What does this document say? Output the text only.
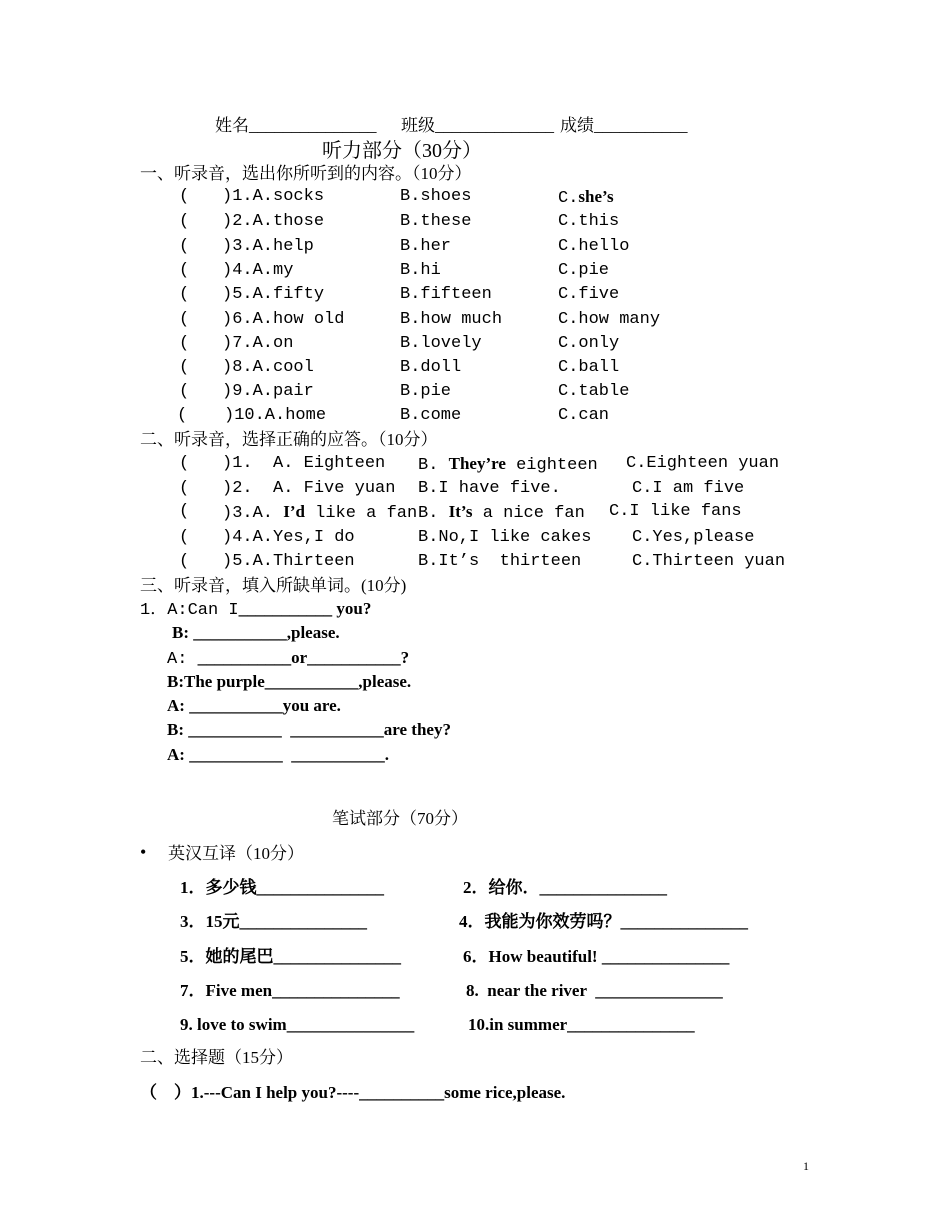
姓名_______________ 班级______________ 成绩___________
听力部分（30分）
一、听录音，选出你所听到的内容。（10分）
( )1.A.socks	B.shoes	C.she’s
( )2.A.those	B.these	C.this
( )3.A.help	B.her	C.hello
( )4.A.my	B.hi	C.pie
( )5.A.fifty	B.fifteen	C.five
( )6.A.how old	B.how much	C.how many
( )7.A.on	B.lovely	C.only
( )8.A.cool	B.doll	C.ball
( )9.A.pair	B.pie	C.table
( )10.A.home	B.come	C.can
二、听录音，选择正确的应答。（10分）
( )1.  A. Eighteen B. They’re eighteen C.Eighteen yuan
( )2.  A. Five yuan B.I have five.	C.I am five
( )3.A. I’d like a fan B. It’s a nice fan C.I like fans
( )4.A.Yes,I do	B.No,I like cakes C.Yes,please
( )5.A.Thirteen	B.It’s  thirteen	C.Thirteen yuan
三、听录音，填入所缺单词。(10分)
1．A:Can I___________ you?
B: ___________,please.
A: ___________or___________?
B:The purple___________,please.
A: ___________you are.
B: ___________  ___________are they?
A: ___________  ___________.
笔试部分（70分）
• 英汉互译（10分）
1．多少钱_______________	2．给你．_______________
3．15元_______________	4．我能为你效劳吗？_______________
5．她的尾巴_______________	6．How beautiful! _______________
7．Five men_______________	8.  near the river  _______________
9. love to swim_______________	10.in summer_______________
二、选择题（15分）
（    ）1.---Can I help you?----__________some rice,please.
1
